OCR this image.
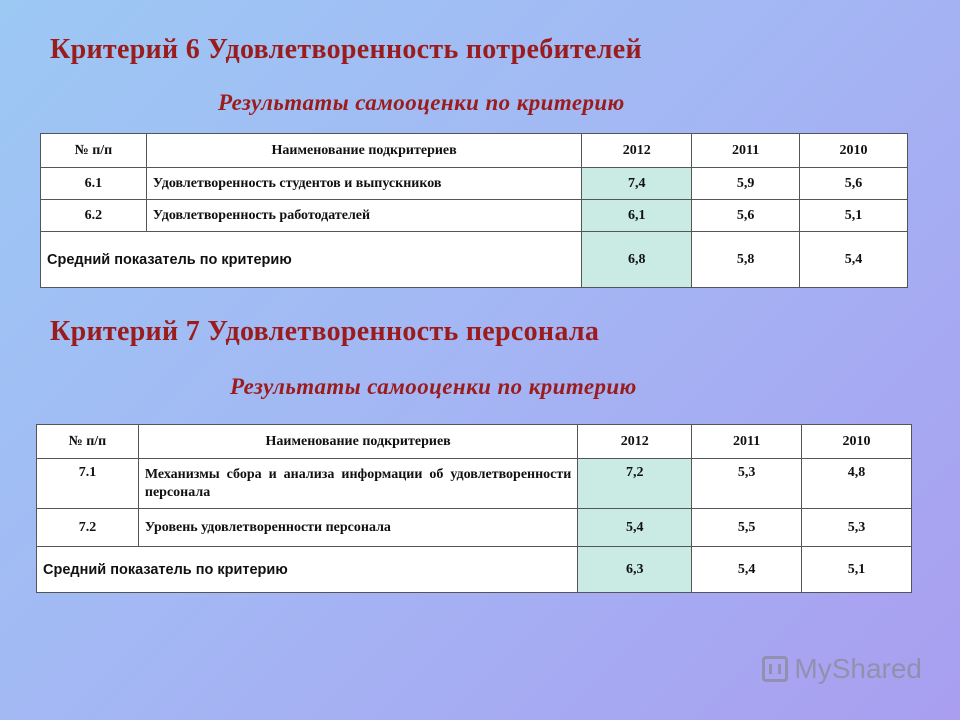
Критерий 6 Удовлетворенность потребителей
Результаты самооценки по критерию
№ п/п	Наименование подкритериев	2012	2011	2010
6.1	Удовлетворенность студентов и выпускников	7,4	5,9	5,6
6.2	Удовлетворенность работодателей	6,1	5,6	5,1
Средний показатель по критерию		6,8	5,8	5,4
Критерий 7 Удовлетворенность персонала
Результаты самооценки по критерию
№ п/п	Наименование подкритериев	2012	2011	2010
7.1	Механизмы сбора и анализа информации об удовлетворенности персонала	7,2	5,3	4,8
7.2	Уровень удовлетворенности персонала	5,4	5,5	5,3
Средний показатель по критерию		6,3	5,4	5,1
MyShared
